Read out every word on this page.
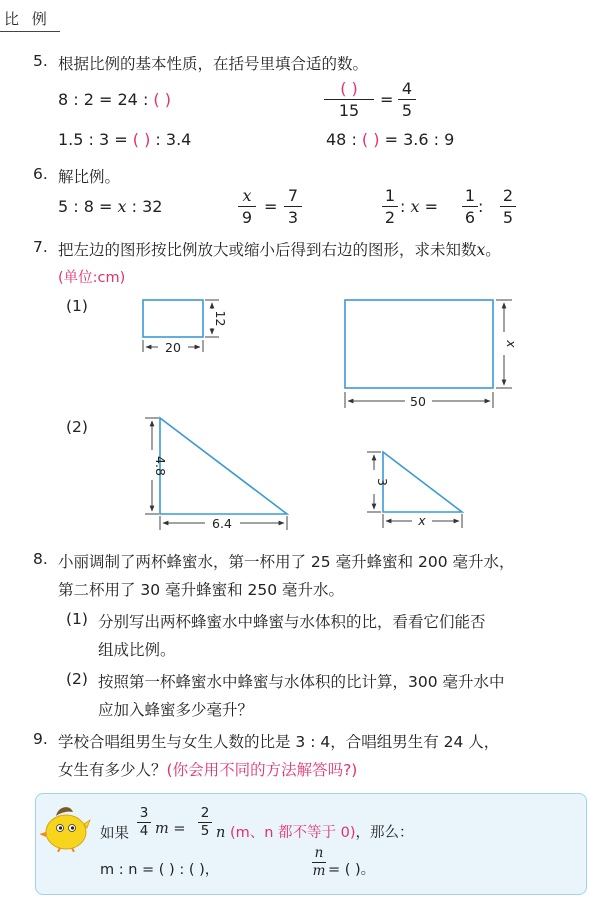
比 例
5. 根据比例的基本性质，在括号里填合适的数。
8 : 2 = 24 : ( )
( )
15
=
4
5
1.5 : 3 = ( ) : 3.4	48 : ( ) = 3.6 : 9
6. 解比例。
5 : 8 = x : 32
x
9
=
7
3
1
2
: x =
1
6
:
2
5
7. 把左边的图形按比例放大或缩小后得到右边的图形，求未知数x。
(单位:cm)
(1)
(2)
20
12
50
x
4.8
6.4
3
x
8. 小丽调制了两杯蜂蜜水，第一杯用了 25 毫升蜂蜜和 200 毫升水，
第二杯用了 30 毫升蜂蜜和 250 毫升水。
(1) 分别写出两杯蜂蜜水中蜂蜜与水体积的比，看看它们能否
组成比例。
(2) 按照第一杯蜂蜜水中蜂蜜与水体积的比计算，300 毫升水中
应加入蜂蜜多少毫升？
9. 学校合唱组男生与女生人数的比是 3 : 4，合唱组男生有 24 人，
女生有多少人？(你会用不同的方法解答吗?)
如果
3
4 m =
2
5 n (m、n 都不等于 0)，那么：
m : n = ( ) : ( )，
n
m = ( )。
